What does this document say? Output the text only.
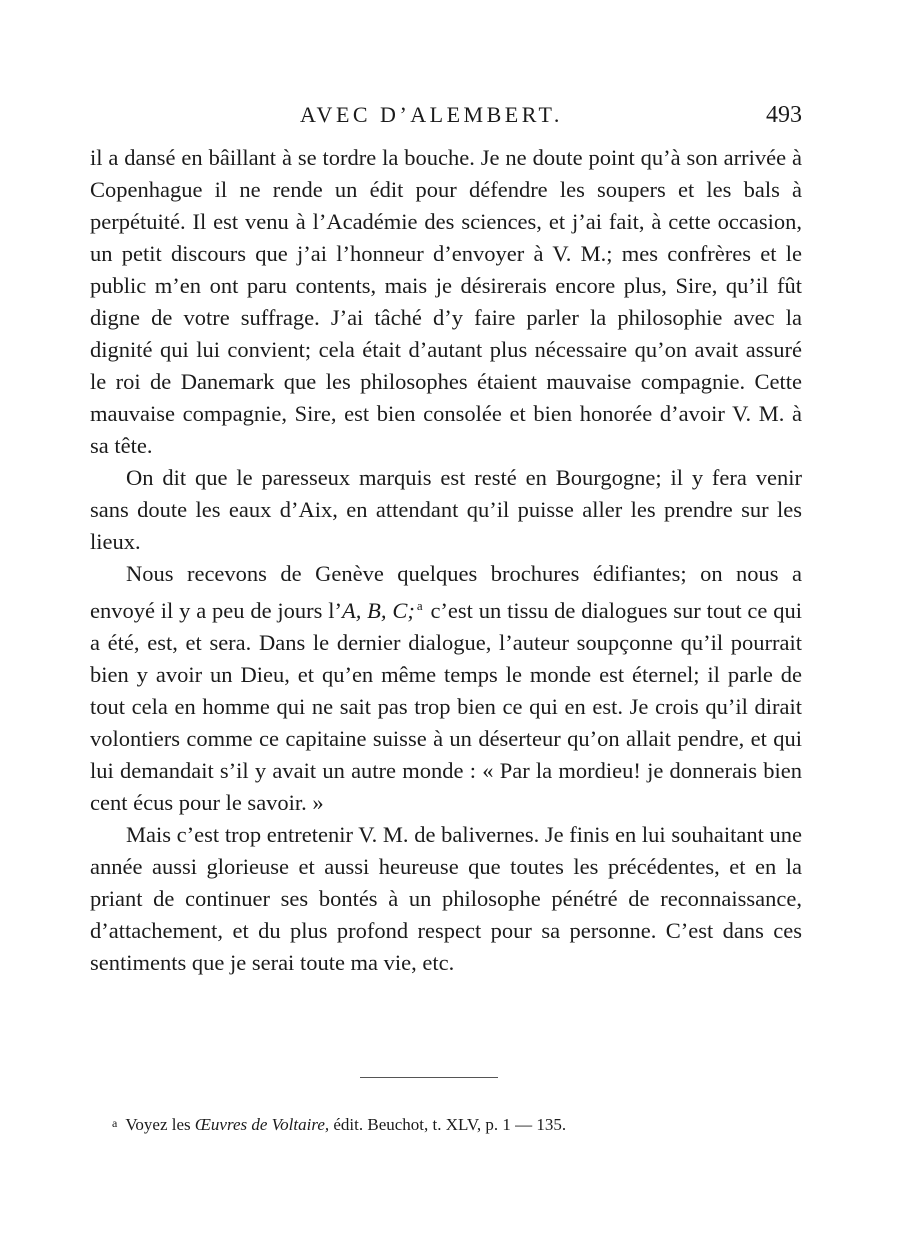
AVEC D’ALEMBERT.	493

il a dansé en bâillant à se tordre la bouche. Je ne doute point qu’à son arrivée à Copenhague il ne rende un édit pour défendre les soupers et les bals à perpétuité. Il est venu à l’Académie des sciences, et j’ai fait, à cette occasion, un petit discours que j’ai l’honneur d’envoyer à V. M.; mes confrères et le public m’en ont paru contents, mais je désirerais encore plus, Sire, qu’il fût digne de votre suffrage. J’ai tâché d’y faire parler la philosophie avec la dignité qui lui convient; cela était d’autant plus nécessaire qu’on avait assuré le roi de Danemark que les philosophes étaient mauvaise compagnie. Cette mauvaise compagnie, Sire, est bien consolée et bien honorée d’avoir V. M. à sa tête.

On dit que le paresseux marquis est resté en Bourgogne; il y fera venir sans doute les eaux d’Aix, en attendant qu’il puisse aller les prendre sur les lieux.

Nous recevons de Genève quelques brochures édifiantes; on nous a envoyé il y a peu de jours l’A, B, C; $^a$ c’est un tissu de dialogues sur tout ce qui a été, est, et sera. Dans le dernier dialogue, l’auteur soupçonne qu’il pourrait bien y avoir un Dieu, et qu’en même temps le monde est éternel; il parle de tout cela en homme qui ne sait pas trop bien ce qui en est. Je crois qu’il dirait volontiers comme ce capitaine suisse à un déserteur qu’on allait pendre, et qui lui demandait s’il y avait un autre monde : « Par la mordieu! je donnerais bien cent écus pour le savoir. »

Mais c’est trop entretenir V. M. de balivernes. Je finis en lui souhaitant une année aussi glorieuse et aussi heureuse que toutes les précédentes, et en la priant de continuer ses bontés à un philosophe pénétré de reconnaissance, d’attachement, et du plus profond respect pour sa personne. C’est dans ces sentiments que je serai toute ma vie, etc.

a Voyez les Œuvres de Voltaire, édit. Beuchot, t. XLV, p. 1 — 135.
